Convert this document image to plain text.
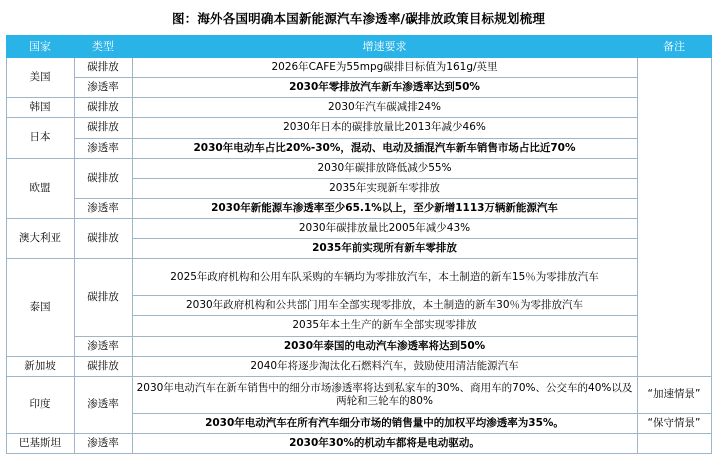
图：海外各国明确本国新能源汽车渗透率/碳排放政策目标规划梳理
国家	类型	增速要求	备注
美国	碳排放	2026年CAFE为55mpg碳排目标值为161g/英里	
	渗透率	2030年零排放汽车新车渗透率达到50%	
韩国	碳排放	2030年汽车碳减排24%	
日本	碳排放	2030年日本的碳排放量比2013年减少46%	
	渗透率	2030年电动车占比20%-30%，混动、电动及插混汽车新车销售市场占比近70%	
欧盟	碳排放	2030年碳排放降低减少55%	
		2035年实现新车零排放	
	渗透率	2030年新能源车渗透率至少65.1%以上，至少新增1113万辆新能源汽车	
澳大利亚	碳排放	2030年碳排放量比2005年减少43%	
		2035年前实现所有新车零排放	
泰国	碳排放	2025年政府机构和公用车队采购的车辆均为零排放汽车，本土制造的新车15％为零排放汽车	
		2030年政府机构和公共部门用车全部实现零排放，本土制造的新车30％为零排放汽车	
		2035年本土生产的新车全部实现零排放	
	渗透率	2030年泰国的电动汽车渗透率将达到50%	
新加坡	碳排放	2040年将逐步淘汰化石燃料汽车，鼓励使用清洁能源汽车	
印度	渗透率	2030年电动汽车在新车销售中的细分市场渗透率将达到私家车的30%、商用车的70%、公交车的40%以及两轮和三轮车的80%	“加速情景”
		2030年电动汽车在所有汽车细分市场的销售量中的加权平均渗透率为35%。	“保守情景”
巴基斯坦	渗透率	2030年30%的机动车都将是电动驱动。	
